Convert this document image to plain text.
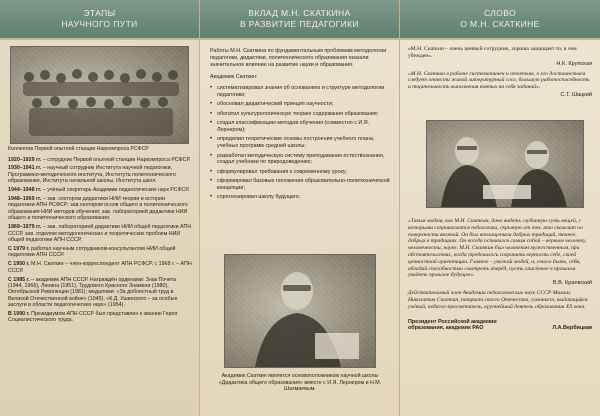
ЭТАПЫ
НАУЧНОГО ПУТИ
Коллектив Первой опытной станции Наркомпроса РСФСР

1920–1929 гг. – сотрудник Первой опытной станции Наркомпроса РСФСР.

1930–1941 гг. – научный сотрудник Института научной педагогики, Программно-методического института, Института политехнического образования, Института начальной школы, Института школ.

1944–1948 гг. – учёный секретарь Академии педагогических наук РСФСР.

1948–1969 гг. – зав. сектором дидактики НИИ теории и истории педагогики АПН РСФСР; зав.сектором основ общего и политехнического образования НИИ методов обучения; зав. лабораторией дидактики НИИ общего и политехнического образования.

1969–1979 гг. – зав. лабораторией дидактики НИИ общей педагогики АПН СССР, зав. отделом методологических и теоретических проблем НИИ общей педагогики АПН СССР.

С 1979 г. работал научным сотрудником-консультантом НИИ общей педагогики АПН СССР.

С 1950 г. М.Н. Скаткин – член-корреспондент АПН РСФСР, с 1968 г. – АПН СССР.

С 1985 г. – академик АПН СССР. Награждён орденами: Знак Почета (1944, 1966), Ленина (1951), Трудового Красного Знамени (1980), Октябрьской Революции (1981); медалями: «За доблестный труд в Великой Отечественной войне» (1945), «К.Д. Ушинского – за особые заслуги в области педагогических наук» (1954).

В 1990 г. Президиумом АПН СССР был представлен к званию Героя Социалистического труда.

ВКЛАД М.Н. СКАТКИНА
В РАЗВИТИЕ ПЕДАГОГИКИ
Работы М.Н. Скаткина по фундаментальным проблемам методологии педагогики, дидактики, политехнического образования оказали значительное влияние на развитие науки и образования.
Академик Скаткин:
• систематизировал знания об основаниях и структуре методологии педагогики;
• обосновал дидактический принцип научности;
• обогатил культурологическую теорию содержания образования;
• создал классификацию методов обучения (совместно с И.Я. Лернером);
• определил теоретические основы построения учебного плана, учебных программ средней школы;
• разработал методическую систему преподавания естествознания, создал учебники по природоведению;
• сформулировал требования к современному уроку;
• сформировал базовые положения образовательно-политехнической концепции;
• спрогнозировал школу будущего.
Академик Скаткин является основоположником научной школы «Дидактика общего образования» вместе с И.Я. Лернером и Н.М. Шахмаевым.
СЛОВО
О М.Н. СКАТКИНЕ
«М.Н. Скаткин – очень ценный сотрудник, хорошо защищает то, в чем убежден».
Н.К. Крупская
«М.Н. Скаткин в работе систематичен и отчетлив, к его достоинствам следует отнести живой литературный слог, большую работоспособность и тщательность выполнения взятых на себя заданий».
С.Т. Шацкий
«Таким людям, как М.Н. Скаткин, дано видеть глубинную суть вещей, с которыми соприкасается педагогика, скрытую от тех, кто скользит по поверхности явлений. Он был воплощением добрых традиций, точнее, добрых в традициях. Он всегда оставался самим собой – верным человеку, человечности, науке. М.Н. Скаткин был человеком мужественным, при обстоятельствах, когда требовалось сохранить верность себе, своей ценностной ориентации. Главное – уважай людей, и, стало быть, себя, обладай способностью смотреть вперёд, пусть спасённое в прошлом увидеть прошлое будущее».
В.В. Краевский
Действительный член Академии педагогических наук СССР Михаил Николаевич Скаткин, патриот своего Отечества, гуманист, выдающийся учёный, педагог-просветитель, крупнейший деятель образования ХХ века.
Президент Российской академии образования, академик РАО	Л.А.Вербицкая
